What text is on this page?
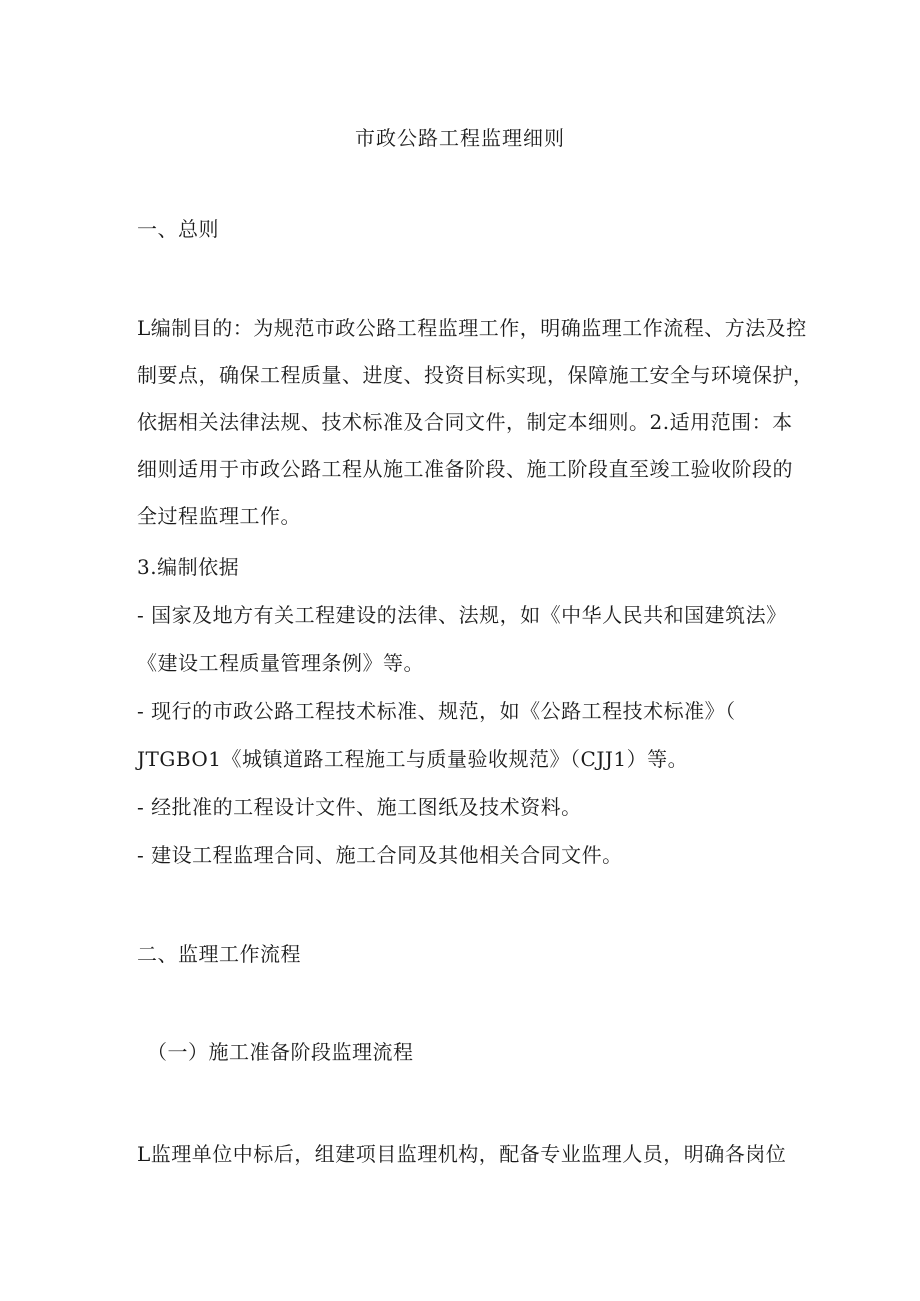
市政公路工程监理细则
一、总则
L编制目的：为规范市政公路工程监理工作，明确监理工作流程、方法及控
制要点，确保工程质量、进度、投资目标实现，保障施工安全与环境保护，
依据相关法律法规、技术标准及合同文件，制定本细则。2.适用范围：本
细则适用于市政公路工程从施工准备阶段、施工阶段直至竣工验收阶段的
全过程监理工作。
3.编制依据
- 国家及地方有关工程建设的法律、法规，如《中华人民共和国建筑法》
《建设工程质量管理条例》等。
- 现行的市政公路工程技术标准、规范，如《公路工程技术标准》（
JTGBO1《城镇道路工程施工与质量验收规范》（CJJ1）等。
- 经批准的工程设计文件、施工图纸及技术资料。
- 建设工程监理合同、施工合同及其他相关合同文件。
二、监理工作流程
（一）施工准备阶段监理流程
L监理单位中标后，组建项目监理机构，配备专业监理人员，明确各岗位
